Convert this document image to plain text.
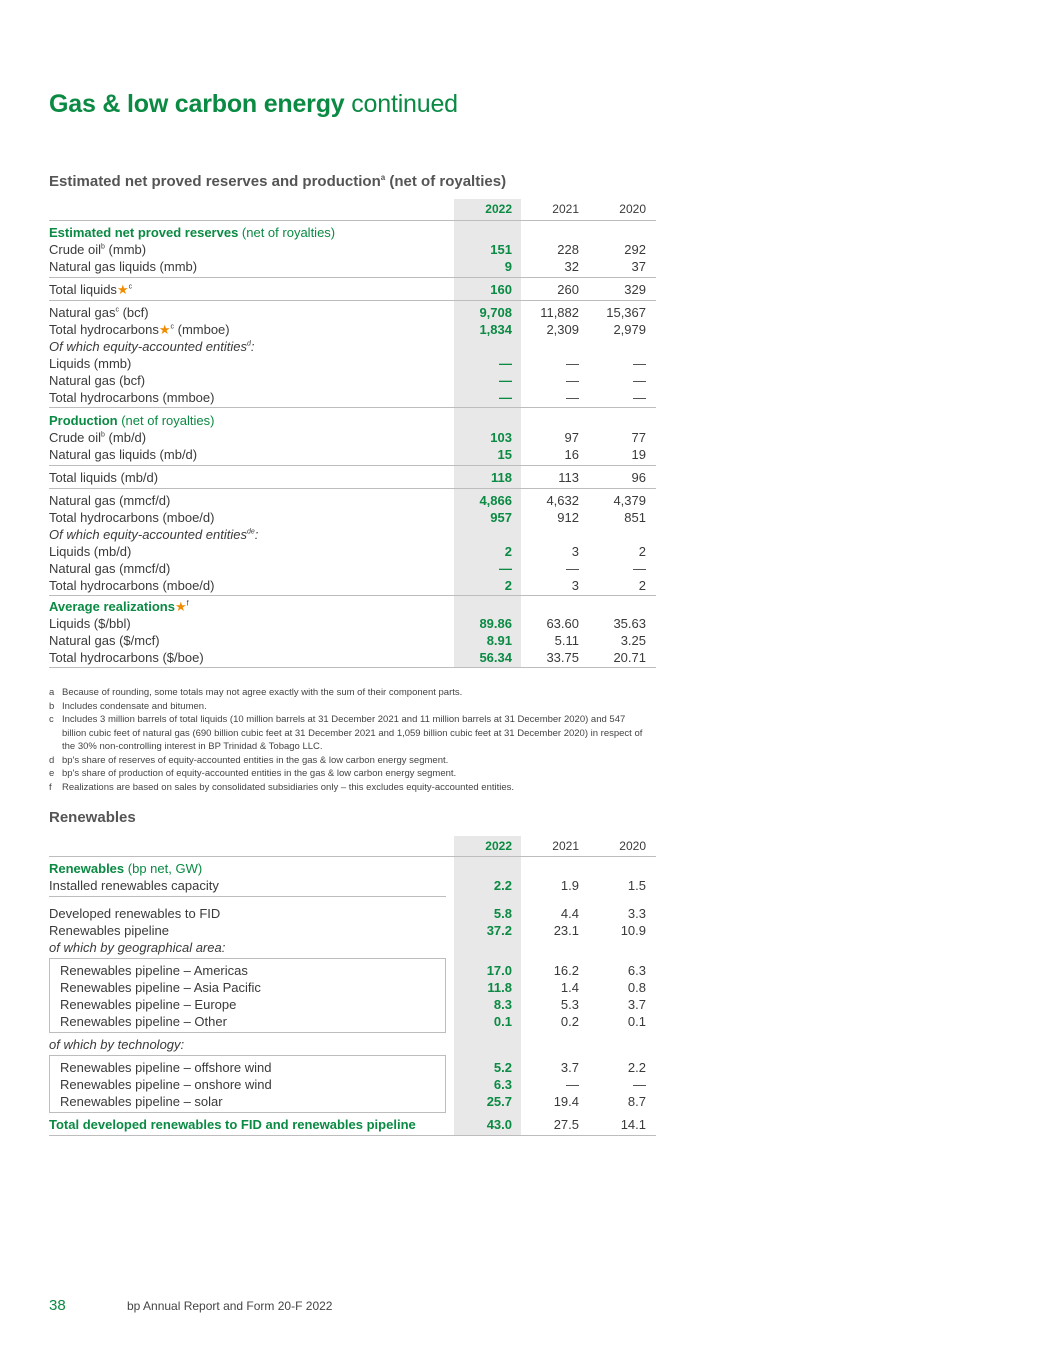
Gas & low carbon energy continued
Estimated net proved reserves and production$^a$ (net of royalties)
2022	2021	2020
Estimated net proved reserves (net of royalties)
Crude oil$^b$ (mmb)	151	228	292
Natural gas liquids (mmb)	9	32	37
Total liquids★$^c$	160	260	329
Natural gas$^c$ (bcf)	9,708 11,882 15,367
Total hydrocarbons★$^c$ (mmboe)	1,834	2,309	2,979
Of which equity-accounted entities$^d$:
Liquids (mmb)	—	—	—
Natural gas (bcf)	—	—	—
Total hydrocarbons (mmboe)	—	—	—
Production (net of royalties)
Crude oil$^b$ (mb/d)	103	97	77
Natural gas liquids (mb/d)	15	16	19
Total liquids (mb/d)	118	113	96
Natural gas (mmcf/d)	4,866	4,632	4,379
Total hydrocarbons (mboe/d)	957	912	851
Of which equity-accounted entities$^{de}$:
Liquids (mb/d)	2	3	2
Natural gas (mmcf/d)	—	—	—
Total hydrocarbons (mboe/d)	2	3	2
Average realizations★$^f$
Liquids ($/bbl)	89.86	63.60	35.63
Natural gas ($/mcf)	8.91	5.11	3.25
Total hydrocarbons ($/boe)	56.34	33.75	20.71
a Because of rounding, some totals may not agree exactly with the sum of their component parts.
b Includes condensate and bitumen.
c Includes 3 million barrels of total liquids (10 million barrels at 31 December 2021 and 11 million barrels at 31 December 2020) and 547 billion cubic feet of natural gas (690 billion cubic feet at 31 December 2021 and 1,059 billion cubic feet at 31 December 2020) in respect of the 30% non-controlling interest in BP Trinidad & Tobago LLC.
d bp's share of reserves of equity-accounted entities in the gas & low carbon energy segment.
e bp's share of production of equity-accounted entities in the gas & low carbon energy segment.
f Realizations are based on sales by consolidated subsidiaries only – this excludes equity-accounted entities.
Renewables
2022	2021	2020
Renewables (bp net, GW)
Installed renewables capacity	2.2	1.9	1.5
Developed renewables to FID	5.8	4.4	3.3
Renewables pipeline	37.2	23.1	10.9
of which by geographical area:
Renewables pipeline – Americas	17.0	16.2	6.3
Renewables pipeline – Asia Pacific	11.8	1.4	0.8
Renewables pipeline – Europe	8.3	5.3	3.7
Renewables pipeline – Other	0.1	0.2	0.1
of which by technology:
Renewables pipeline – offshore wind	5.2	3.7	2.2
Renewables pipeline – onshore wind	6.3	—	—
Renewables pipeline – solar	25.7	19.4	8.7
Total developed renewables to FID and renewables pipeline	43.0	27.5	14.1
38	bp Annual Report and Form 20-F 2022
